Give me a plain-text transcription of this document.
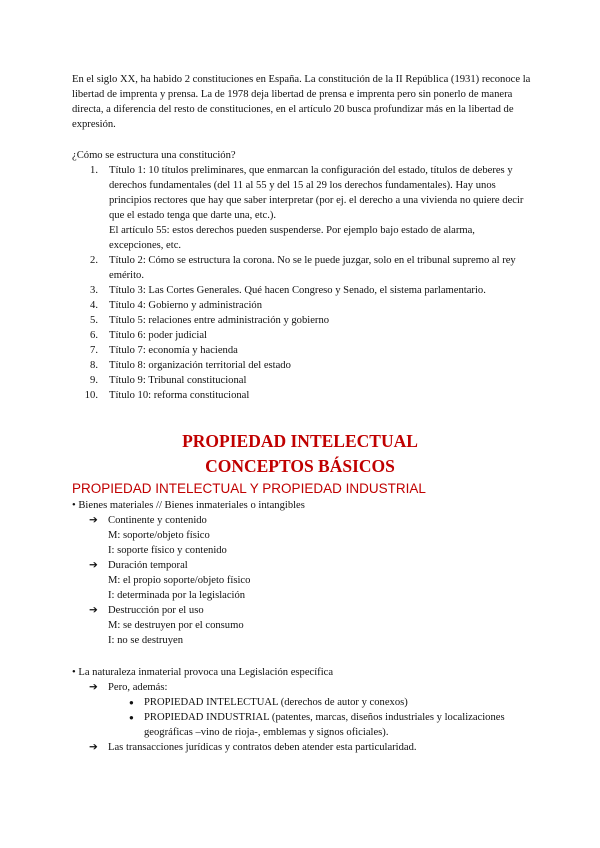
En el siglo XX, ha habido 2 constituciones en España. La constitución de la II República (1931) reconoce la libertad de imprenta y prensa. La de 1978 deja libertad de prensa e imprenta pero sin ponerlo de manera directa, a diferencia del resto de constituciones, en el artículo 20 busca profundizar más en la libertad de expresión.
¿Cómo se estructura una constitución?
1. Título 1: 10 títulos preliminares, que enmarcan la configuración del estado, títulos de deberes y derechos fundamentales (del 11 al 55 y del 15 al 29 los derechos fundamentales). Hay unos principios rectores que hay que saber interpretar (por ej. el derecho a una vivienda no quiere decir que el estado tenga que darte una, etc.).
El artículo 55: estos derechos pueden suspenderse. Por ejemplo bajo estado de alarma, excepciones, etc.
2. Título 2: Cómo se estructura la corona. No se le puede juzgar, solo en el tribunal supremo al rey emérito.
3. Título 3: Las Cortes Generales. Qué hacen Congreso y Senado, el sistema parlamentario.
4. Título 4: Gobierno y administración
5. Título 5: relaciones entre administración y gobierno
6. Título 6: poder judicial
7. Título 7: economía y hacienda
8. Título 8: organización territorial del estado
9. Título 9: Tribunal constitucional
10. Título 10: reforma constitucional
PROPIEDAD INTELECTUAL
CONCEPTOS BÁSICOS
PROPIEDAD INTELECTUAL Y PROPIEDAD INDUSTRIAL
• Bienes materiales // Bienes inmateriales o intangibles
➔ Continente y contenido
M: soporte/objeto físico
I: soporte físico y contenido
➔ Duración temporal
M: el propio soporte/objeto físico
I: determinada por la legislación
➔ Destrucción por el uso
M: se destruyen por el consumo
I: no se destruyen
• La naturaleza inmaterial provoca una Legislación específica
➔ Pero, además:
● PROPIEDAD INTELECTUAL (derechos de autor y conexos)
● PROPIEDAD INDUSTRIAL (patentes, marcas, diseños industriales y localizaciones geográficas –vino de rioja-, emblemas y signos oficiales).
➔ Las transacciones jurídicas y contratos deben atender esta particularidad.
